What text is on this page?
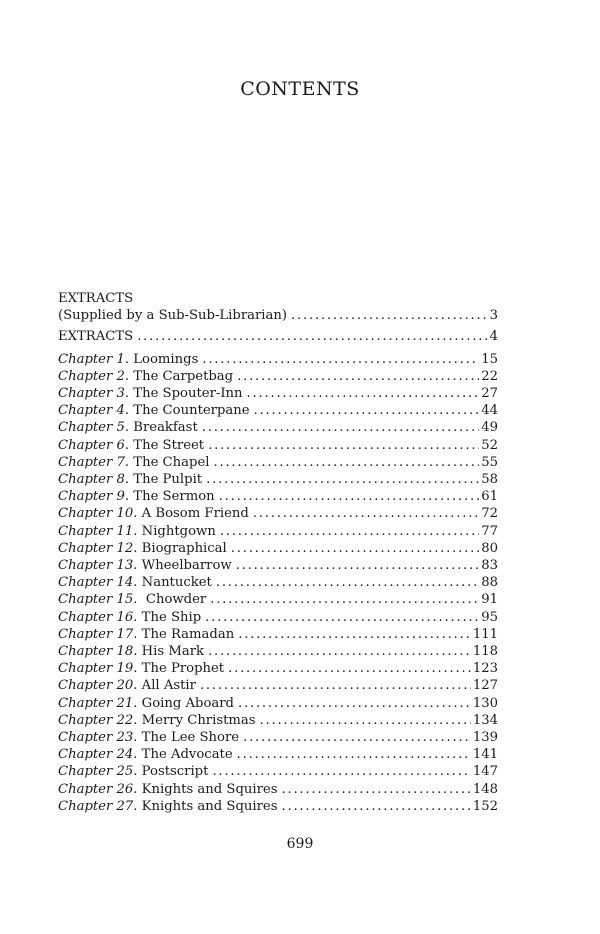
CONTENTS
EXTRACTS
(Supplied by a Sub-Sub-Librarian) . . .	3
EXTRACTS . . .	4
Chapter 1. Loomings . . .	15
Chapter 2. The Carpetbag . . .	22
Chapter 3. The Spouter-Inn . . .	27
Chapter 4. The Counterpane . . .	44
Chapter 5. Breakfast . . .	49
Chapter 6. The Street . . .	52
Chapter 7. The Chapel . . .	55
Chapter 8. The Pulpit . . .	58
Chapter 9. The Sermon . . .	61
Chapter 10. A Bosom Friend . . .	72
Chapter 11. Nightgown . . .	77
Chapter 12. Biographical . . .	80
Chapter 13. Wheelbarrow . . .	83
Chapter 14. Nantucket . . .	88
Chapter 15.  Chowder . . .	91
Chapter 16. The Ship . . .	95
Chapter 17. The Ramadan . . .	111
Chapter 18. His Mark . . .	118
Chapter 19. The Prophet . . .	123
Chapter 20. All Astir . . .	127
Chapter 21. Going Aboard . . .	130
Chapter 22. Merry Christmas . . .	134
Chapter 23. The Lee Shore . . .	139
Chapter 24. The Advocate . . .	141
Chapter 25. Postscript . . .	147
Chapter 26. Knights and Squires . . .	148
Chapter 27. Knights and Squires . . .	152
699
